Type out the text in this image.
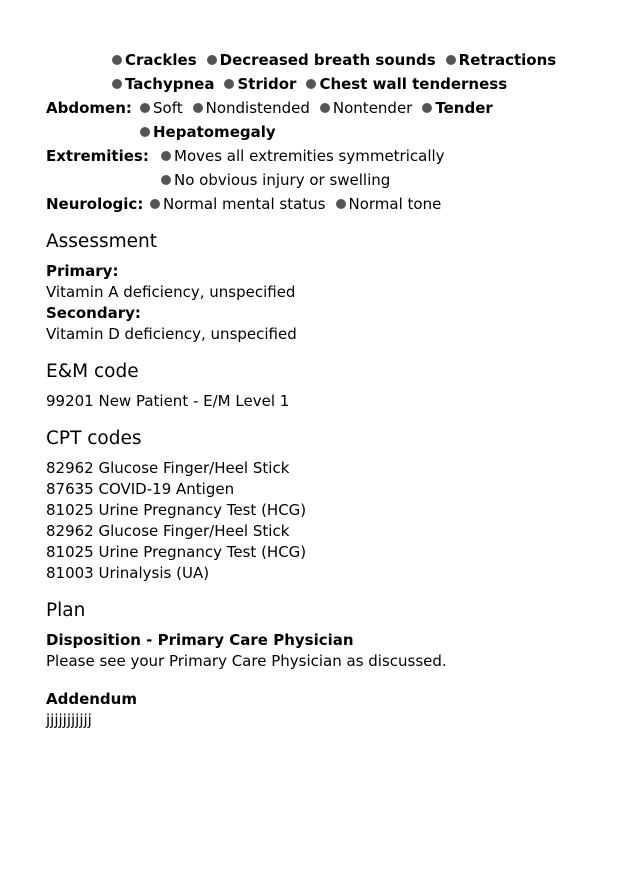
Crackles Decreased breath sounds Retractions
Tachypnea Stridor Chest wall tenderness
Abdomen:	Soft Nondistended Nontender Tender
Hepatomegaly
Extremities:	Moves all extremities symmetrically
No obvious injury or swelling
Neurologic:	Normal mental status Normal tone
Assessment
Primary:
Vitamin A deficiency, unspecified
Secondary:
Vitamin D deficiency, unspecified
E&M code
99201 New Patient - E/M Level 1
CPT codes
82962 Glucose Finger/Heel Stick
87635 COVID-19 Antigen
81025 Urine Pregnancy Test (HCG)
82962 Glucose Finger/Heel Stick
81025 Urine Pregnancy Test (HCG)
81003 Urinalysis (UA)
Plan
Disposition - Primary Care Physician
Please see your Primary Care Physician as discussed.
Addendum
jjjjjjjjjjj
